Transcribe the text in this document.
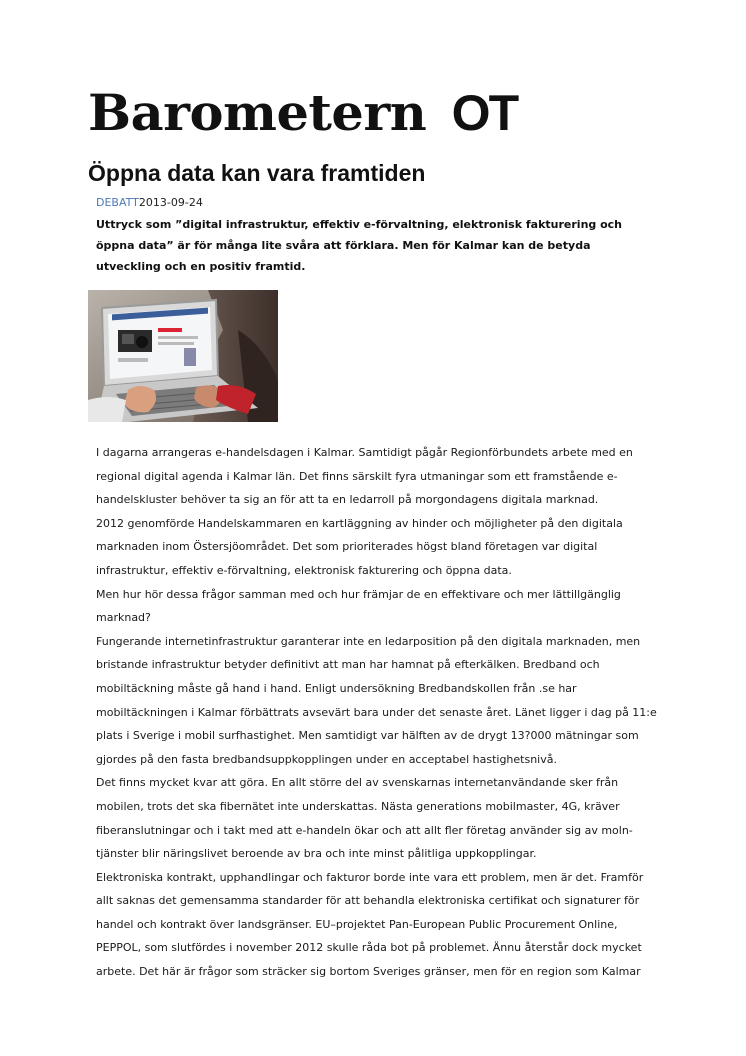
Barometern OT
Öppna data kan vara framtiden
DEBATT2013-09-24

Uttryck som ”digital infrastruktur, effektiv e-förvaltning, elektronisk fakturering och
öppna data” är för många lite svåra att förklara. Men för Kalmar kan de betyda
utveckling och en positiv framtid.

I dagarna arrangeras e-handelsdagen i Kalmar. Samtidigt pågår Regionförbundets arbete med en

regional digital agenda i Kalmar län. Det finns särskilt fyra utmaningar som ett framstående e-

handelskluster behöver ta sig an för att ta en ledarroll på morgondagens digitala marknad.

2012 genomförde Handelskammaren en kartläggning av hinder och möjligheter på den digitala

marknaden inom Östersjöområdet. Det som prioriterades högst bland företagen var digital

infrastruktur, effektiv e-förvaltning, elektronisk fakturering och öppna data.

Men hur hör dessa frågor samman med och hur främjar de en effektivare och mer lättillgänglig

marknad?

Fungerande internetinfrastruktur garanterar inte en ledarposition på den digitala marknaden, men

bristande infrastruktur betyder definitivt att man har hamnat på efterkälken. Bredband och

mobiltäckning måste gå hand i hand. Enligt undersökning Bredbandskollen från .se har

mobiltäckningen i Kalmar förbättrats avsevärt bara under det senaste året. Länet ligger i dag på 11:e

plats i Sverige i mobil surfhastighet. Men samtidigt var hälften av de drygt 13?000 mätningar som

gjordes på den fasta bredbandsuppkopplingen under en acceptabel hastighetsnivå.

Det finns mycket kvar att göra. En allt större del av svenskarnas internetanvändande sker från

mobilen, trots det ska fibernätet inte underskattas. Nästa generations mobilmaster, 4G, kräver

fiberanslutningar och i takt med att e-handeln ökar och att allt fler företag använder sig av moln-

tjänster blir näringslivet beroende av bra och inte minst pålitliga uppkopplingar.

Elektroniska kontrakt, upphandlingar och fakturor borde inte vara ett problem, men är det. Framför

allt saknas det gemensamma standarder för att behandla elektroniska certifikat och signaturer för

handel och kontrakt över landsgränser. EU–projektet Pan-European Public Procurement Online,

PEPPOL, som slutfördes i november 2012 skulle råda bot på problemet. Ännu återstår dock mycket

arbete. Det här är frågor som sträcker sig bortom Sveriges gränser, men för en region som Kalmar
